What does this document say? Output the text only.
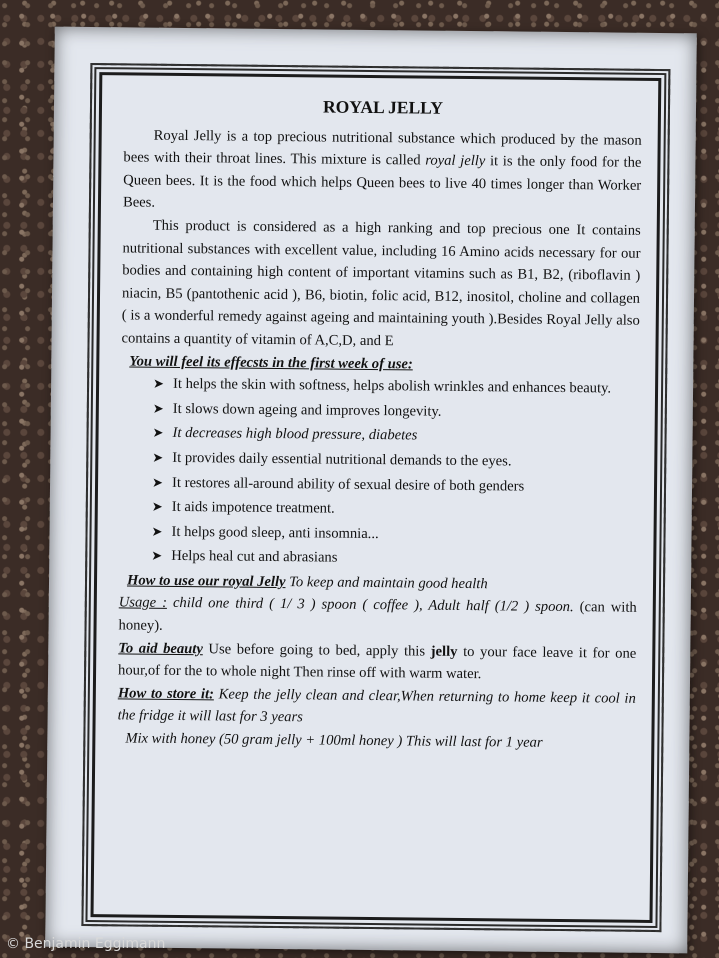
ROYAL JELLY

Royal Jelly is a top precious nutritional substance which produced by the mason bees with their throat lines. This mixture is called royal jelly it is the only food for the Queen bees. It is the food which helps Queen bees to live 40 times longer than Worker Bees.

This product is considered as a high ranking and top precious one It contains nutritional substances with excellent value, including 16 Amino acids necessary for our bodies and containing high content of important vitamins such as B1, B2, (riboflavin ) niacin, B5 (pantothenic acid ), B6, biotin, folic acid, B12, inositol, choline and collagen ( is a wonderful remedy against ageing and maintaining youth ).Besides Royal Jelly also contains a quantity of vitamin of A,C,D, and E

You will feel its effecsts in the first week of use:
➤ It helps the skin with softness, helps abolish wrinkles and enhances beauty.
➤ It slows down ageing and improves longevity.
➤ It decreases high blood pressure, diabetes
➤ It provides daily essential nutritional demands to the eyes.
➤ It restores all-around ability of sexual desire of both genders
➤ It aids impotence treatment.
➤ It helps good sleep, anti insomnia...
➤ Helps heal cut and abrasians

How to use our royal Jelly To keep and maintain good health

Usage : child one third ( 1/ 3 ) spoon ( coffee ), Adult half (1/2 ) spoon. (can with honey).

To aid beauty Use before going to bed, apply this jelly to your face leave it for one hour,of for the to whole night Then rinse off with warm water.

How to store it: Keep the jelly clean and clear,When returning to home keep it cool in the fridge it will last for 3 years

Mix with honey (50 gram jelly + 100ml honey ) This will last for 1 year

© Benjamin Eggimann
